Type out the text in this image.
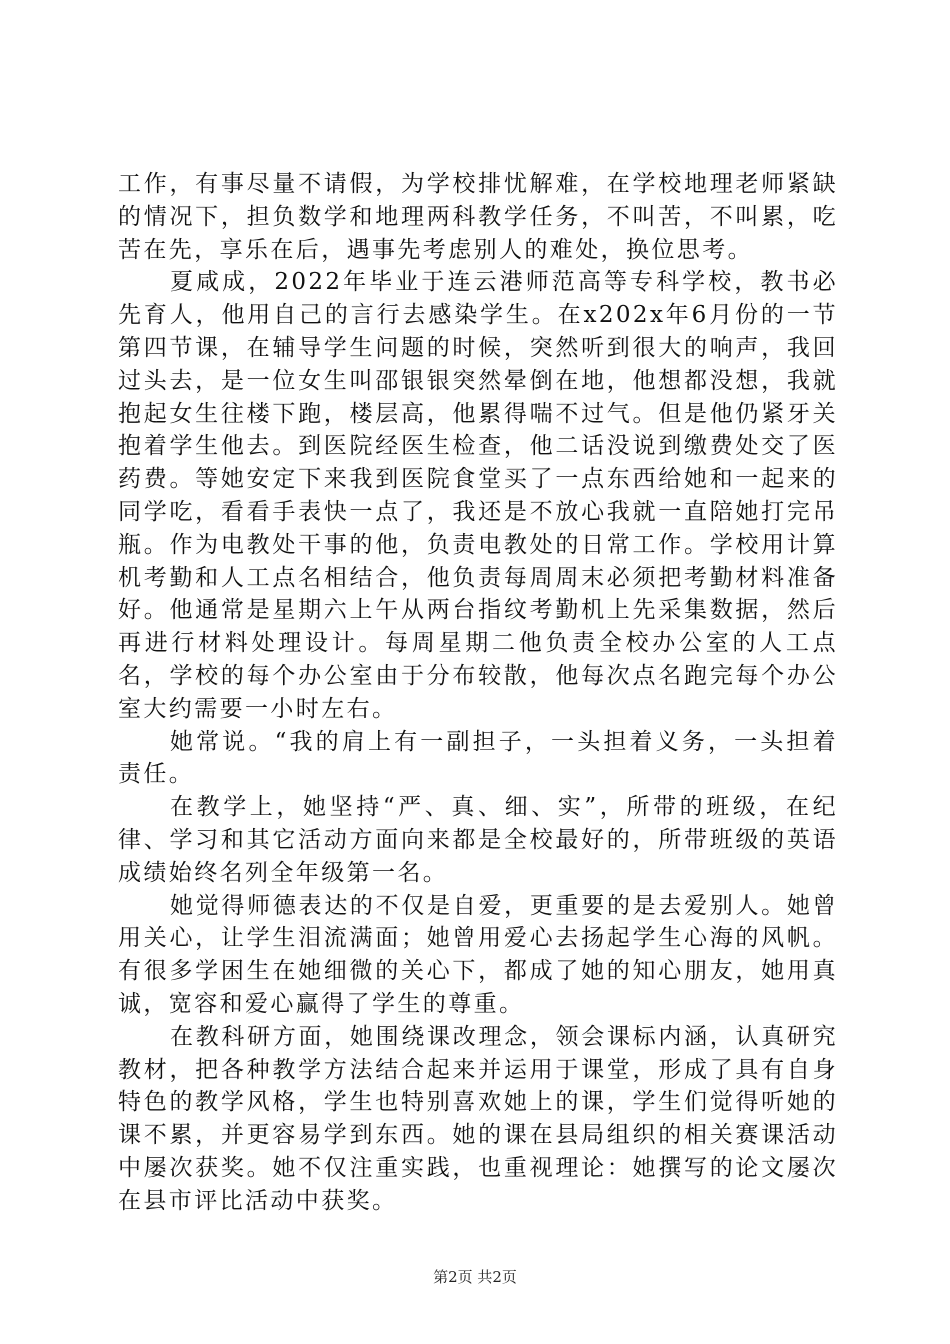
工作，有事尽量不请假，为学校排忧解难，在学校地理老师紧缺的情况下，担负数学和地理两科教学任务，不叫苦，不叫累，吃苦在先，享乐在后，遇事先考虑别人的难处，换位思考。

夏咸成，2022年毕业于连云港师范高等专科学校，教书必先育人，他用自己的言行去感染学生。在x202x年6月份的一节第四节课，在辅导学生问题的时候，突然听到很大的响声，我回过头去，是一位女生叫邵银银突然晕倒在地，他想都没想，我就抱起女生往楼下跑，楼层高，他累得喘不过气。但是他仍紧牙关抱着学生他去。到医院经医生检查，他二话没说到缴费处交了医药费。等她安定下来我到医院食堂买了一点东西给她和一起来的同学吃，看看手表快一点了，我还是不放心我就一直陪她打完吊瓶。作为电教处干事的他，负责电教处的日常工作。学校用计算机考勤和人工点名相结合，他负责每周周末必须把考勤材料准备好。他通常是星期六上午从两台指纹考勤机上先采集数据，然后再进行材料处理设计。每周星期二他负责全校办公室的人工点名，学校的每个办公室由于分布较散，他每次点名跑完每个办公室大约需要一小时左右。

她常说。“我的肩上有一副担子，一头担着义务，一头担着责任。

在教学上，她坚持“严、真、细、实”，所带的班级，在纪律、学习和其它活动方面向来都是全校最好的，所带班级的英语成绩始终名列全年级第一名。

她觉得师德表达的不仅是自爱，更重要的是去爱别人。她曾用关心，让学生泪流满面；她曾用爱心去扬起学生心海的风帆。有很多学困生在她细微的关心下，都成了她的知心朋友，她用真诚，宽容和爱心赢得了学生的尊重。

在教科研方面，她围绕课改理念，领会课标内涵，认真研究教材，把各种教学方法结合起来并运用于课堂，形成了具有自身特色的教学风格，学生也特别喜欢她上的课，学生们觉得听她的课不累，并更容易学到东西。她的课在县局组织的相关赛课活动中屡次获奖。她不仅注重实践，也重视理论：她撰写的论文屡次在县市评比活动中获奖。

第2页 共2页
